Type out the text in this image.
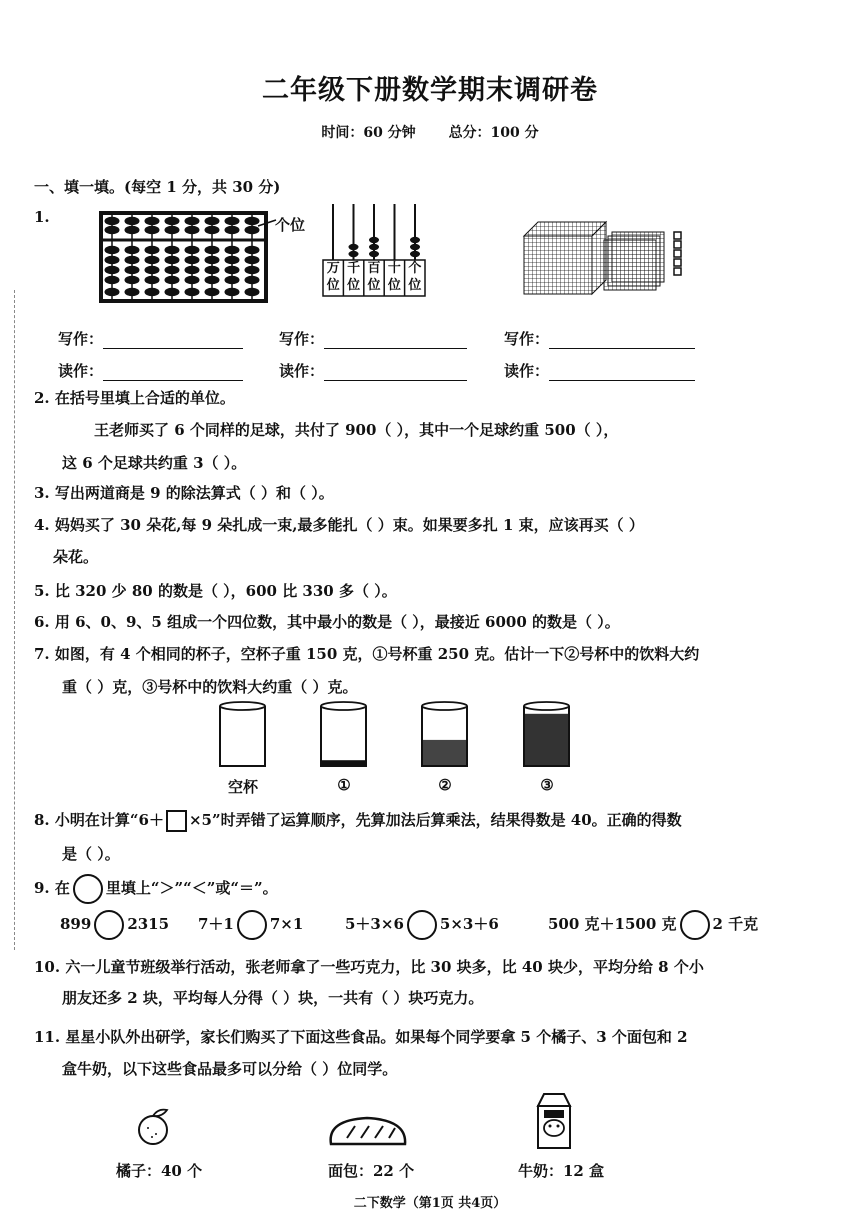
二年级下册数学期末调研卷
时间：60 分钟 总分：100 分
一、填一填。(每空 1 分，共 30 分)
1.	个位
万
位
千
位
百
位
十
位
个
位
写作：	写作：	写作：
读作：	读作：	读作：
2. 在括号里填上合适的单位。
王老师买了 6 个同样的足球，共付了 900（ ），其中一个足球约重 500（ ），
这 6 个足球共约重 3（ ）。
3. 写出两道商是 9 的除法算式（ ）和（ ）。
4. 妈妈买了 30 朵花,每 9 朵扎成一束,最多能扎（ ）束。如果要多扎 1 束，应该再买（ ）
朵花。
5. 比 320 少 80 的数是（ ），600 比 330 多（ ）。
6. 用 6、0、9、5 组成一个四位数，其中最小的数是（ ），最接近 6000 的数是（ ）。
7. 如图，有 4 个相同的杯子，空杯子重 150 克，①号杯重 250 克。估计一下②号杯中的饮料大约
重（ ）克，③号杯中的饮料大约重（ ）克。
空杯	①	②	③
8. 小明在计算“6＋ ×5”时弄错了运算顺序，先算加法后算乘法，结果得数是 40。正确的得数
是（ ）。
9. 在 里填上“＞”“＜”或“＝”。
899 2315 7＋1 7×1	5＋3×6 5×3＋6	500 克＋1500 克 2 千克
10. 六一儿童节班级举行活动，张老师拿了一些巧克力，比 30 块多，比 40 块少，平均分给 8 个小
朋友还多 2 块，平均每人分得（ ）块，一共有（ ）块巧克力。
11. 星星小队外出研学，家长们购买了下面这些食品。如果每个同学要拿 5 个橘子、3 个面包和 2
盒牛奶，以下这些食品最多可以分给（ ）位同学。
橘子：40 个	面包：22 个	牛奶：12 盒
二下数学（第1页 共4页）
